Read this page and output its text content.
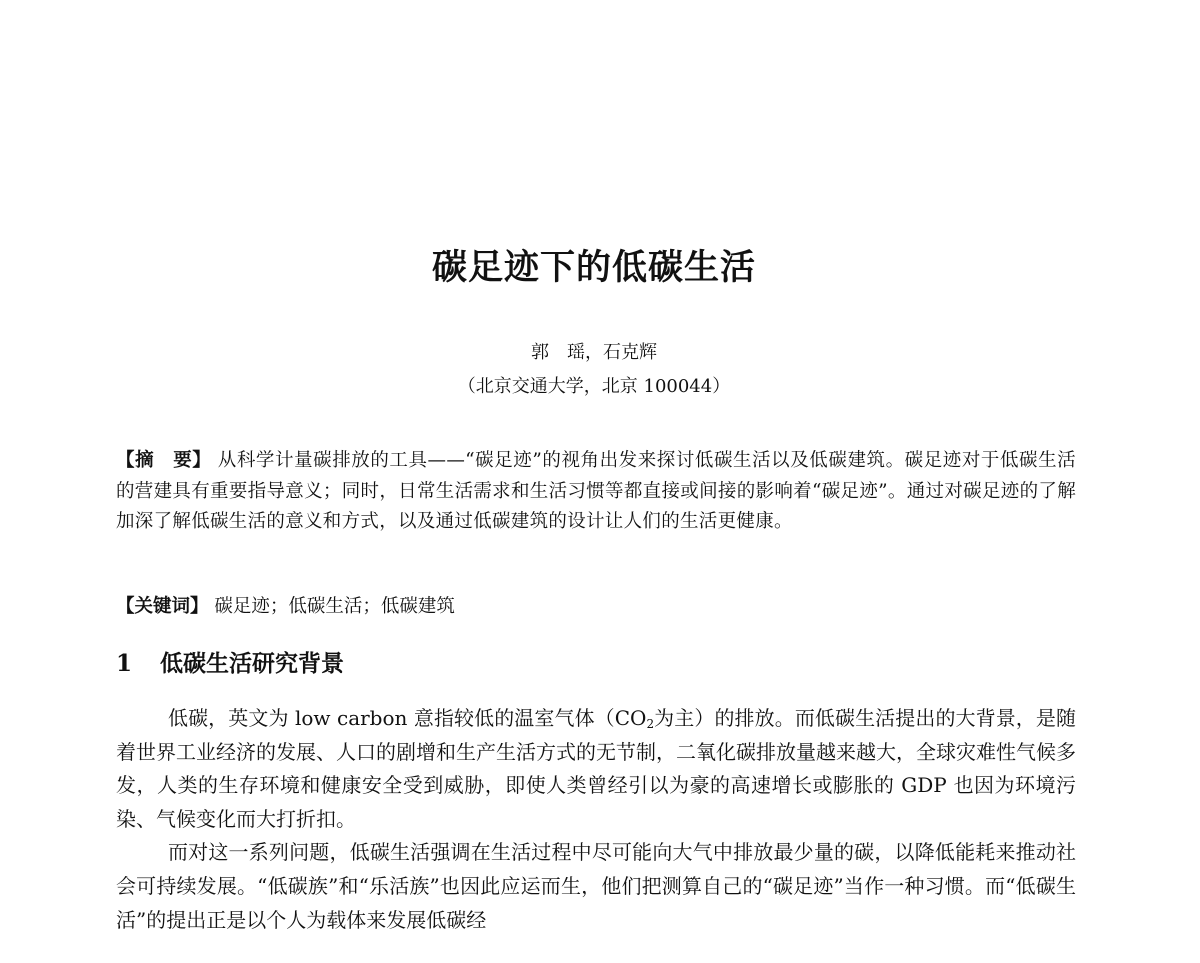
碳足迹下的低碳生活
郭　瑶，石克辉
（北京交通大学，北京 100044）
【摘　要】 从科学计量碳排放的工具——“碳足迹”的视角出发来探讨低碳生活以及低碳建筑。碳足迹对于低碳生活的营建具有重要指导意义；同时，日常生活需求和生活习惯等都直接或间接的影响着“碳足迹”。通过对碳足迹的了解加深了解低碳生活的意义和方式，以及通过低碳建筑的设计让人们的生活更健康。
【关键词】 碳足迹；低碳生活；低碳建筑
1 低碳生活研究背景

低碳，英文为 low carbon 意指较低的温室气体（$CO_2$为主）的排放。而低碳生活提出的大背景，是随着世界工业经济的发展、人口的剧增和生产生活方式的无节制，二氧化碳排放量越来越大，全球灾难性气候多发，人类的生存环境和健康安全受到威胁，即使人类曾经引以为豪的高速增长或膨胀的 GDP 也因为环境污染、气候变化而大打折扣。

而对这一系列问题，低碳生活强调在生活过程中尽可能向大气中排放最少量的碳，以降低能耗来推动社会可持续发展。“低碳族”和“乐活族”也因此应运而生，他们把测算自己的“碳足迹”当作一种习惯。而“低碳生活”的提出正是以个人为载体来发展低碳经
